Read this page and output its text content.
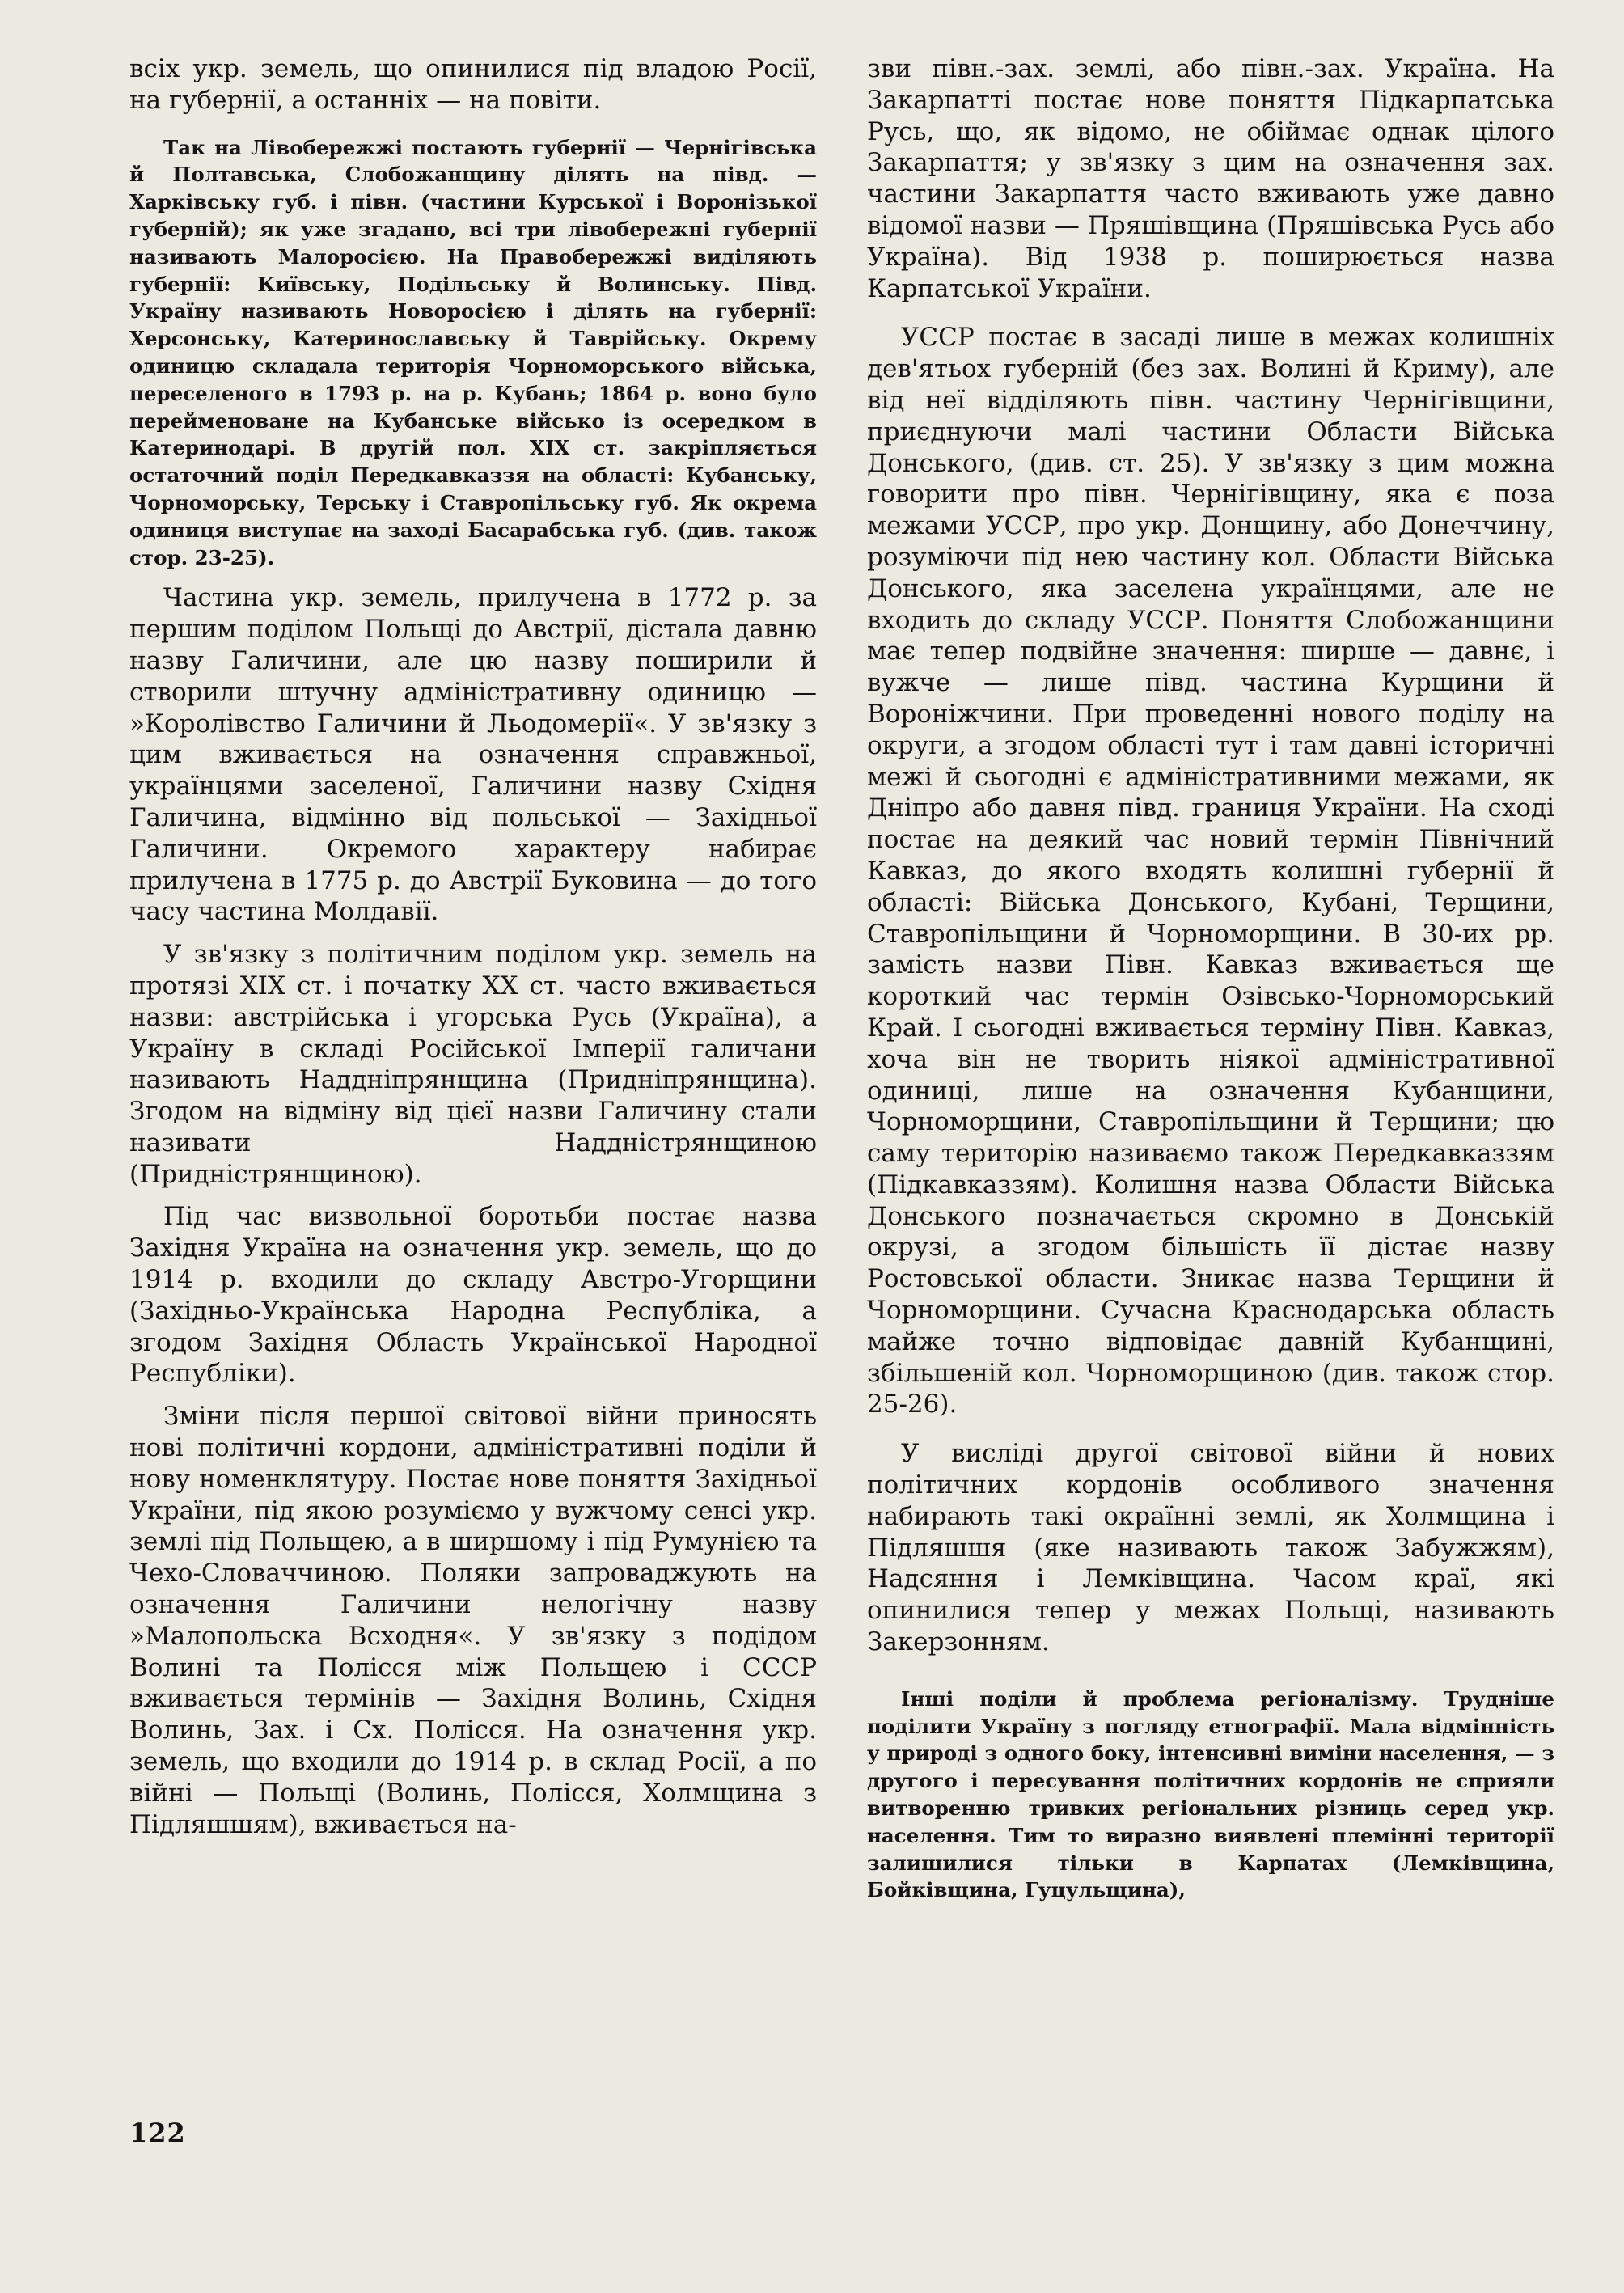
всіх укр. земель, що опинилися під владою Росії, на губернії, а останніх — на повіти.

Так на Лівобережжі постають губернії — Чернігівська й Полтавська, Слобожанщину ділять на півд. — Харківську губ. і півн. (частини Курської і Воронізької губерній); як уже згадано, всі три лівобережні губернії називають Малоросією. На Правобережжі виділяють губернії: Київську, Подільську й Волинську. Півд. Україну називають Новоросією і ділять на губернії: Херсонську, Катеринославську й Таврійську. Окрему одиницю складала територія Чорноморського війська, переселеного в 1793 р. на р. Кубань; 1864 р. воно було перейменоване на Кубанське військо із осередком в Катеринодарі. В другій пол. XIX ст. закріпляється остаточний поділ Передкавказзя на області: Кубанську, Чорноморську, Терську і Ставропільську губ. Як окрема одиниця виступає на заході Басарабська губ. (див. також стор. 23-25).

Частина укр. земель, прилучена в 1772 р. за першим поділом Польщі до Австрії, дістала давню назву Галичини, але цю назву поширили й створили штучну адміністративну одиницю — »Королівство Галичини й Льодомерії«. У зв'язку з цим вживається на означення справжньої, українцями заселеної, Галичини назву Східня Галичина, відмінно від польської — Західньої Галичини. Окремого характеру набирає прилучена в 1775 р. до Австрії Буковина — до того часу частина Молдавії.

У зв'язку з політичним поділом укр. земель на протязі XIX ст. і початку XX ст. часто вживається назви: австрійська і угорська Русь (Україна), а Україну в складі Російської Імперії галичани називають Наддніпрянщина (Придніпрянщина). Згодом на відміну від цієї назви Галичину стали називати Наддністрянщиною (Придністрянщиною).

Під час визвольної боротьби постає назва Західня Україна на означення укр. земель, що до 1914 р. входили до складу Австро-Угорщини (Західньо-Українська Народна Республіка, а згодом Західня Область Української Народної Республіки).

Зміни після першої світової війни приносять нові політичні кордони, адміністративні поділи й нову номенклятуру. Постає нове поняття Західньої України, під якою розуміємо у вужчому сенсі укр. землі під Польщею, а в ширшому і під Румунією та Чехо-Словаччиною. Поляки запроваджують на означення Галичини нелогічну назву »Малопольска Всходня«. У зв'язку з подідом Волині та Полісся між Польщею і СССР вживається термінів — Західня Волинь, Східня Волинь, Зах. і Сх. Полісся. На означення укр. земель, що входили до 1914 р. в склад Росії, а по війні — Польщі (Волинь, Полісся, Холмщина з Підляшшям), вживається на-

зви півн.-зах. землі, або півн.-зах. Україна. На Закарпатті постає нове поняття Підкарпатська Русь, що, як відомо, не обіймає однак цілого Закарпаття; у зв'язку з цим на означення зах. частини Закарпаття часто вживають уже давно відомої назви — Пряшівщина (Пряшівська Русь або Україна). Від 1938 р. поширюється назва Карпатської України.

УССР постає в засаді лише в межах колишніх дев'ятьох губерній (без зах. Волині й Криму), але від неї відділяють півн. частину Чернігівщини, приєднуючи малі частини Области Війська Донського, (див. ст. 25). У зв'язку з цим можна говорити про півн. Чернігівщину, яка є поза межами УССР, про укр. Донщину, або Донеччину, розуміючи під нею частину кол. Области Війська Донського, яка заселена українцями, але не входить до складу УССР. Поняття Слобожанщини має тепер подвійне значення: ширше — давнє, і вужче — лише півд. частина Курщини й Вороніжчини. При проведенні нового поділу на округи, а згодом області тут і там давні історичні межі й сьогодні є адміністративними межами, як Дніпро або давня півд. границя України. На сході постає на деякий час новий термін Північний Кавказ, до якого входять колишні губернії й області: Війська Донського, Кубані, Терщини, Ставропільщини й Чорноморщини. В 30-их рр. замість назви Півн. Кавказ вживається ще короткий час термін Озівсько-Чорноморський Край. І сьогодні вживається терміну Півн. Кавказ, хоча він не творить ніякої адміністративної одиниці, лише на означення Кубанщини, Чорноморщини, Ставропільщини й Терщини; цю саму територію називаємо також Передкавказзям (Підкавказзям). Колишня назва Области Війська Донського позначається скромно в Донській окрузі, а згодом більшість її дістає назву Ростовської области. Зникає назва Терщини й Чорноморщини. Сучасна Краснодарська область майже точно відповідає давній Кубанщині, збільшеній кол. Чорноморщиною (див. також стор. 25-26).

У висліді другої світової війни й нових політичних кордонів особливого значення набирають такі окраїнні землі, як Холмщина і Підляшшя (яке називають також Забужжям), Надсяння і Лемківщина. Часом краї, які опинилися тепер у межах Польщі, називають Закерзонням.

Інші поділи й проблема регіоналізму. Труднiше поділити Україну з погляду етнографії. Мала відмінність у природі з одного боку, інтенсивні виміни населення, — з другого і пересування політичних кордонів не сприяли витворенню тривких регіональних різниць серед укр. населення. Тим то виразно виявлені племінні території залишилися тільки в Карпатах (Лемківщина, Бойківщина, Гуцульщина),

122
